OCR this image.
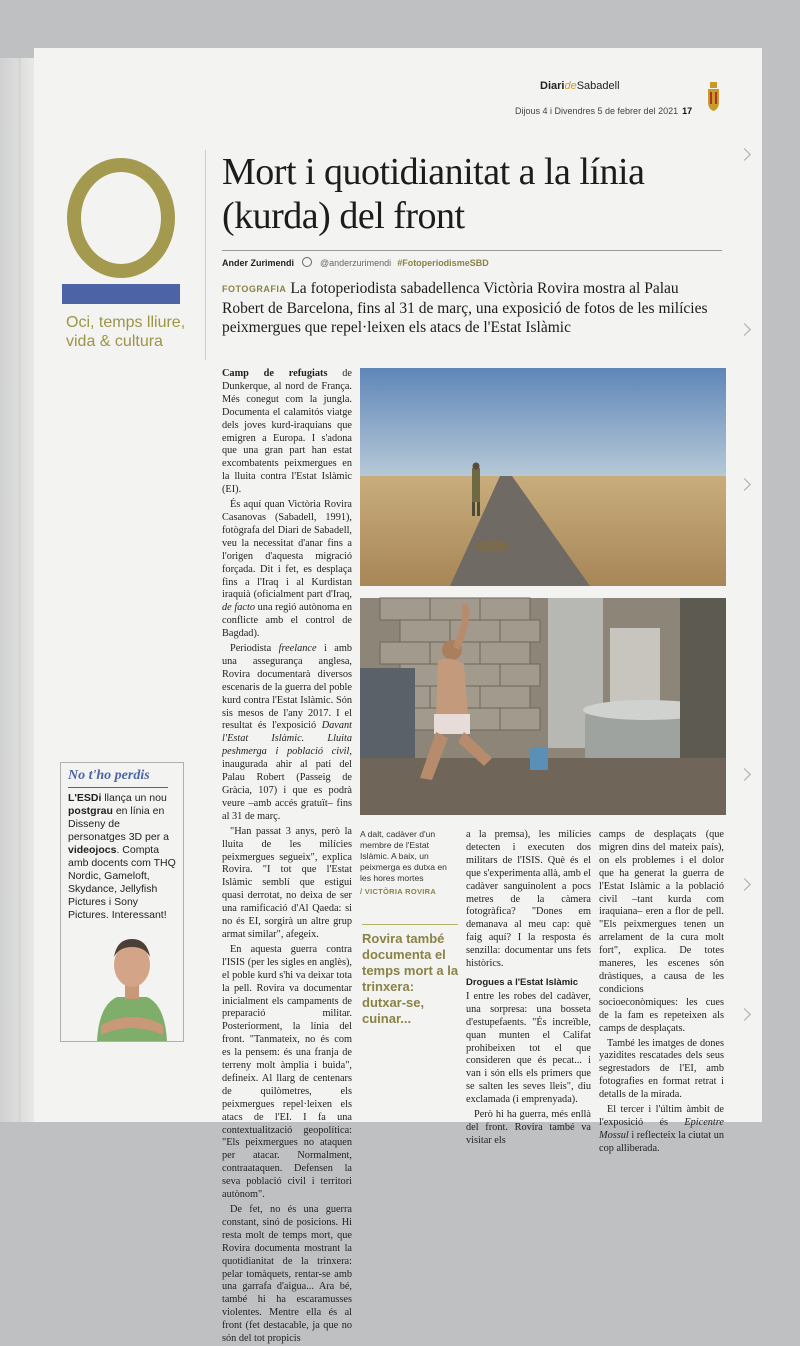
DiarideSabadell
Dijous 4 i Divendres 5 de febrer del 2021 17
Oci, temps lliure, vida & cultura
Mort i quotidianitat a la línia (kurda) del front
Ander Zurimendi	@anderzurimendi #FotoperiodismeSBD
FOTOGRAFIA La fotoperiodista sabadellenca Victòria Rovira mostra al Palau Robert de Barcelona, fins al 31 de març, una exposició de fotos de les milícies peixmergues que repel·leixen els atacs de l'Estat Islàmic

Camp de refugiats de Dunkerque, al nord de França. Més conegut com la jungla. Documenta el calamitós viatge dels joves kurd-iraquians que emigren a Europa. I s'adona que una gran part han estat excombatents peixmergues en la lluita contra l'Estat Islàmic (EI).

És aquí quan Victòria Rovira Casanovas (Sabadell, 1991), fotògrafa del Diari de Sabadell, veu la necessitat d'anar fins a l'origen d'aquesta migració forçada. Dit i fet, es desplaça fins a l'Iraq i al Kurdistan iraquià (oficialment part d'Iraq, de facto una regió autònoma en conflicte amb el control de Bagdad).

Periodista freelance i amb una assegurança anglesa, Rovira documentarà diversos escenaris de la guerra del poble kurd contra l'Estat Islàmic. Són sis mesos de l'any 2017. I el resultat és l'exposició Davant l'Estat Islàmic. Lluita peshmerga i població civil, inaugurada ahir al pati del Palau Robert (Passeig de Gràcia, 107) i que es podrà veure –amb accés gratuït– fins al 31 de març.

"Han passat 3 anys, però la lluita de les milícies peixmergues segueix", explica Rovira. "I tot que l'Estat Islàmic semblí que estigui quasi derrotat, no deixa de ser una ramificació d'Al Qaeda: si no és EI, sorgirà un altre grup armat similar", afegeix.

En aquesta guerra contra l'ISIS (per les sigles en anglès), el poble kurd s'hi va deixar tota la pell. Rovira va documentar inicialment els campaments de preparació militar. Posteriorment, la línia del front. "Tanmateix, no és com es la pensem: és una franja de terreny molt àmplia i buida", defineix. Al llarg de centenars de quilòmetres, els peixmergues repel·leixen els atacs de l'EI. I fa una contextualització geopolítica: "Els peixmergues no ataquen per atacar. Normalment, contraataquen. Defensen la seva població civil i territori autònom".

De fet, no és una guerra constant, sinó de posicions. Hi resta molt de temps mort, que Rovira documenta mostrant la quotidianitat de la trinxera: pelar tomàquets, rentar-se amb una garrafa d'aigua... Ara bé, també hi ha escaramusses violentes. Mentre ella és al front (fet destacable, ja que no són del tot propicis

A dalt, cadàver d'un membre de l'Estat Islàmic. A baix, un peixmerga es dutxa en les hores mortes
/ VICTÒRIA ROVIRA
Rovira també documenta el temps mort a la trinxera: dutxar-se, cuinar...

a la premsa), les milícies detecten i executen dos militars de l'ISIS. Què és el que s'experimenta allà, amb el cadàver sanguinolent a pocs metres de la càmera fotogràfica? "Dones em demanava al meu cap: què faig aquí? I la resposta és senzilla: documentar uns fets històrics.

Drogues a l'Estat Islàmic

I entre les robes del cadàver, una sorpresa: una bosseta d'estupefaents. "És increïble, quan munten el Califat prohibeixen tot el que consideren que és pecat... i van i són ells els primers que se salten les seves lleis", diu exclamada (i emprenyada).

Però hi ha guerra, més enllà del front. Rovira també va visitar els

camps de desplaçats (que migren dins del mateix país), on els problemes i el dolor que ha generat la guerra de l'Estat Islàmic a la població civil –tant kurda com iraquiana– eren a flor de pell. "Els peixmergues tenen un arrelament de la cura molt fort", explica. De totes maneres, les escenes són dràstiques, a causa de les condicions socioeconòmiques: les cues de la fam es repeteixen als camps de desplaçats.

També les imatges de dones yazidites rescatades dels seus segrestadors de l'EI, amb fotografies en format retrat i detalls de la mirada.

El tercer i l'últim àmbit de l'exposició és Epicentre Mossul i reflecteix la ciutat un cop alliberada.

No t'ho perdis
L'ESDi llança un nou postgrau en línia en Disseny de personatges 3D per a videojocs. Compta amb docents com THQ Nordic, Gameloft, Skydance, Jellyfish Pictures i Sony Pictures. Interessant!
